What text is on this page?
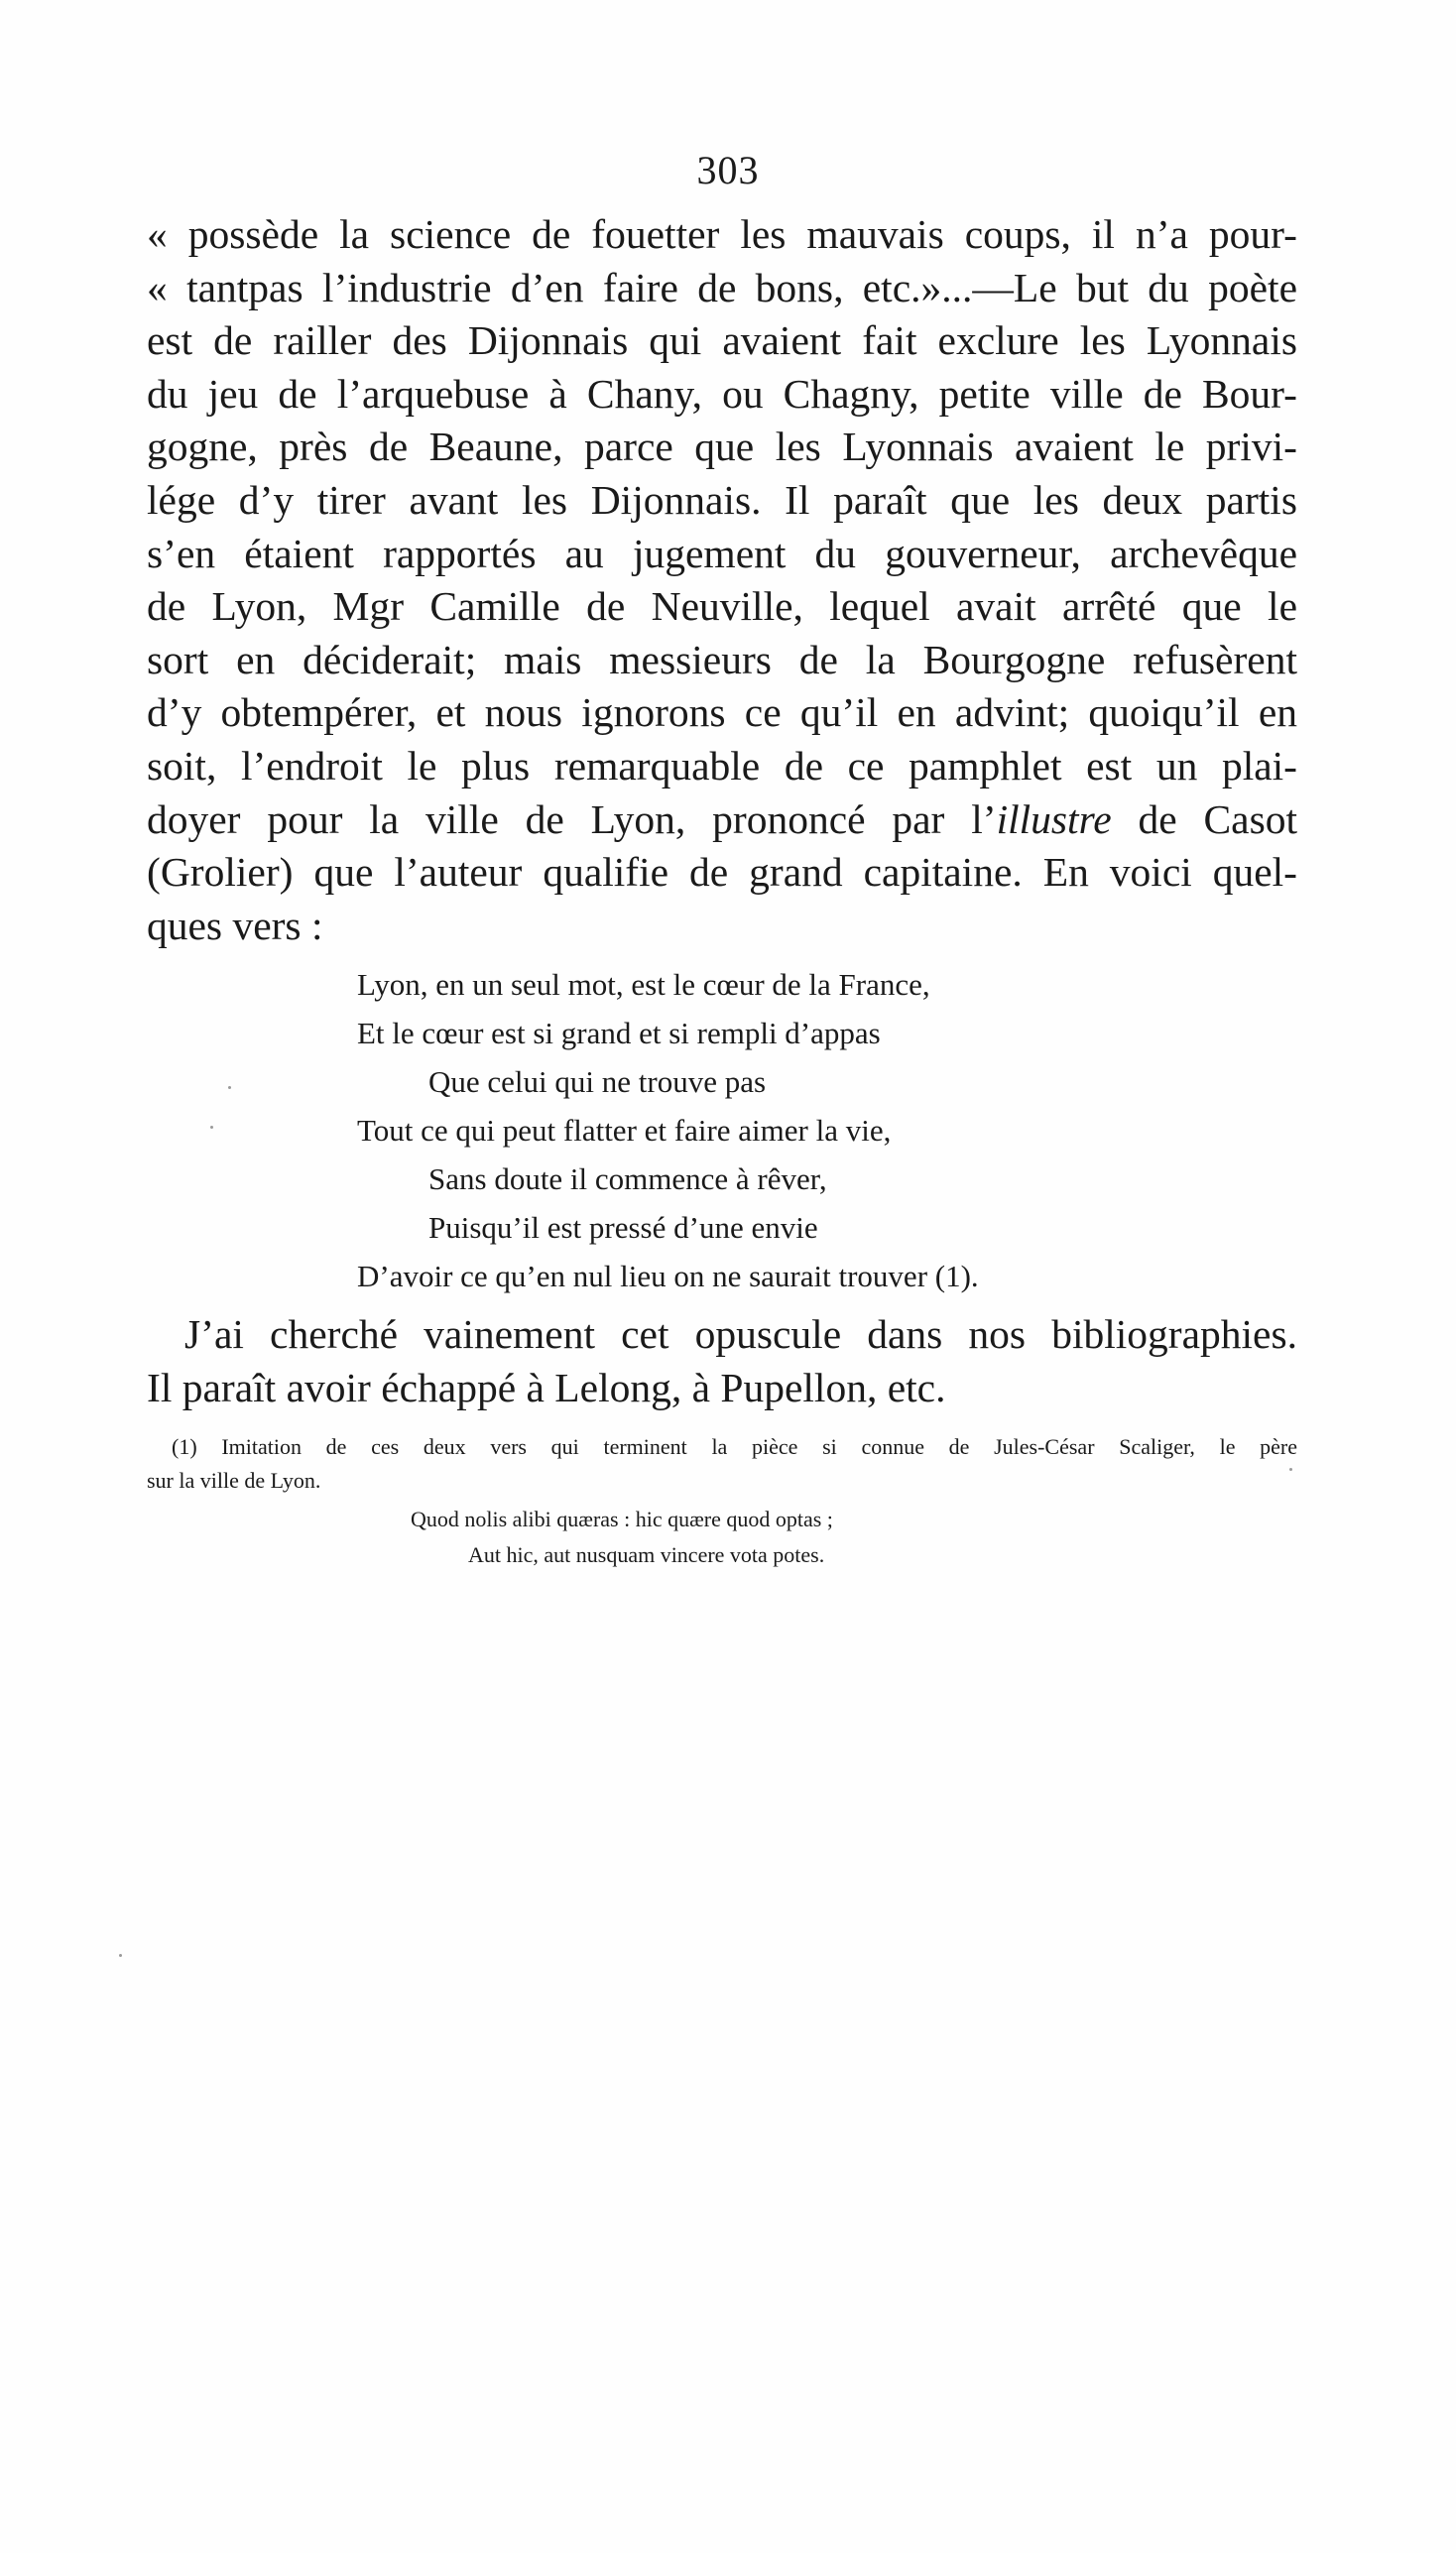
303
« possède la science de fouetter les mauvais coups, il n’a pour-
« tantpas l’industrie d’en faire de bons, etc.»...—Le but du poète
est de railler des Dijonnais qui avaient fait exclure les Lyonnais
du jeu de l’arquebuse à Chany, ou Chagny, petite ville de Bour-
gogne, près de Beaune, parce que les Lyonnais avaient le privi-
lége d’y tirer avant les Dijonnais. Il paraît que les deux partis
s’en étaient rapportés au jugement du gouverneur, archevêque
de Lyon, Mgr Camille de Neuville, lequel avait arrêté que le
sort en déciderait; mais messieurs de la Bourgogne refusèrent
d’y obtempérer, et nous ignorons ce qu’il en advint; quoiqu’il en
soit, l’endroit le plus remarquable de ce pamphlet est un plai-
doyer pour la ville de Lyon, prononcé par l’illustre de Casot
(Grolier) que l’auteur qualifie de grand capitaine. En voici quel-
ques vers :
Lyon, en un seul mot, est le cœur de la France,
Et le cœur est si grand et si rempli d’appas
Que celui qui ne trouve pas
Tout ce qui peut flatter et faire aimer la vie,
Sans doute il commence à rêver,
Puisqu’il est pressé d’une envie
D’avoir ce qu’en nul lieu on ne saurait trouver (1).
J’ai cherché vainement cet opuscule dans nos bibliographies.
Il paraît avoir échappé à Lelong, à Pupellon, etc.
(1) Imitation de ces deux vers qui terminent la pièce si connue de Jules-César Scaliger, le père
sur la ville de Lyon.
Quod nolis alibi quæras : hic quære quod optas ;
Aut hic, aut nusquam vincere vota potes.
